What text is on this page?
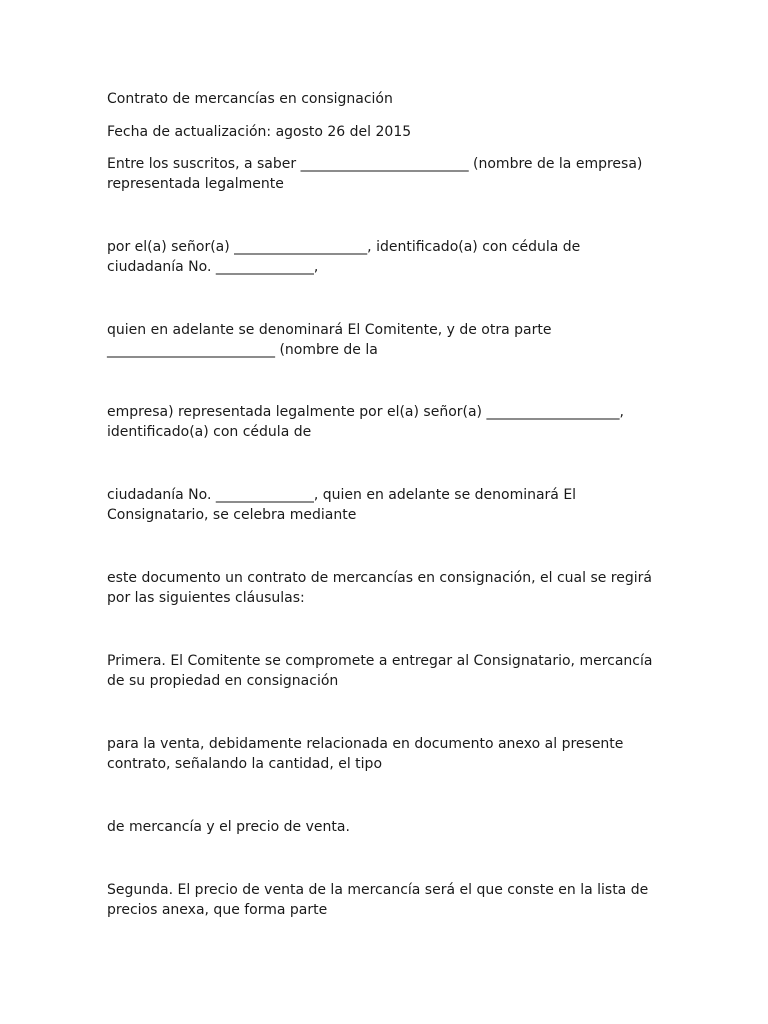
Contrato de mercancías en consignación

Fecha de actualización: agosto 26 del 2015

Entre los suscritos, a saber ________________________ (nombre de la empresa)
representada legalmente

por el(a) señor(a) ___________________, identificado(a) con cédula de
ciudadanía No. ______________,

quien en adelante se denominará El Comitente, y de otra parte
________________________ (nombre de la

empresa) representada legalmente por el(a) señor(a) ___________________,
identificado(a) con cédula de

ciudadanía No. ______________, quien en adelante se denominará El
Consignatario, se celebra mediante

este documento un contrato de mercancías en consignación, el cual se regirá
por las siguientes cláusulas:

Primera. El Comitente se compromete a entregar al Consignatario, mercancía
de su propiedad en consignación

para la venta, debidamente relacionada en documento anexo al presente
contrato, señalando la cantidad, el tipo

de mercancía y el precio de venta.

Segunda. El precio de venta de la mercancía será el que conste en la lista de
precios anexa, que forma parte
